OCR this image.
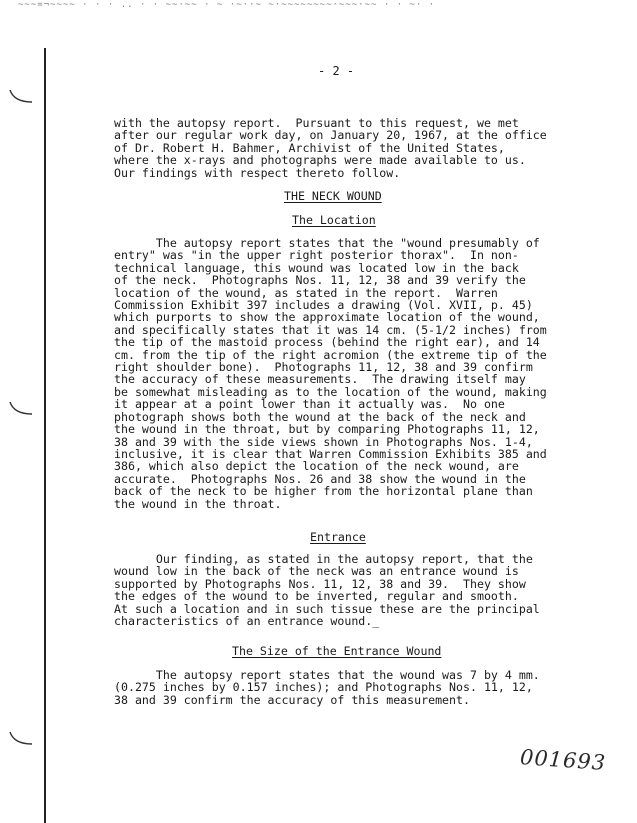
~~~=¬~~~~ · · · .. · · ~~·~~ · ~ ·~··~ ~·~~~~~~~~·~~~·~~ · · ~· ·
- 2 -
with the autopsy report.  Pursuant to this request, we met
after our regular work day, on January 20, 1967, at the office
of Dr. Robert H. Bahmer, Archivist of the United States,
where the x-rays and photographs were made available to us.
Our findings with respect thereto follow.
THE NECK WOUND
The Location
The autopsy report states that the "wound presumably of
entry" was "in the upper right posterior thorax".  In non-
technical language, this wound was located low in the back
of the neck.  Photographs Nos. 11, 12, 38 and 39 verify the
location of the wound, as stated in the report.  Warren
Commission Exhibit 397 includes a drawing (Vol. XVII, p. 45)
which purports to show the approximate location of the wound,
and specifically states that it was 14 cm. (5-1/2 inches) from
the tip of the mastoid process (behind the right ear), and 14
cm. from the tip of the right acromion (the extreme tip of the
right shoulder bone).  Photographs 11, 12, 38 and 39 confirm
the accuracy of these measurements.  The drawing itself may
be somewhat misleading as to the location of the wound, making
it appear at a point lower than it actually was.  No one
photograph shows both the wound at the back of the neck and
the wound in the throat, but by comparing Photographs 11, 12,
38 and 39 with the side views shown in Photographs Nos. 1-4,
inclusive, it is clear that Warren Commission Exhibits 385 and
386, which also depict the location of the neck wound, are
accurate.  Photographs Nos. 26 and 38 show the wound in the
back of the neck to be higher from the horizontal plane than
the wound in the throat.
Entrance
Our finding, as stated in the autopsy report, that the
wound low in the back of the neck was an entrance wound is
supported by Photographs Nos. 11, 12, 38 and 39.  They show
the edges of the wound to be inverted, regular and smooth.
At such a location and in such tissue these are the principal
characteristics of an entrance wound._
The Size of the Entrance Wound
The autopsy report states that the wound was 7 by 4 mm.
(0.275 inches by 0.157 inches); and Photographs Nos. 11, 12,
38 and 39 confirm the accuracy of this measurement.
001693
